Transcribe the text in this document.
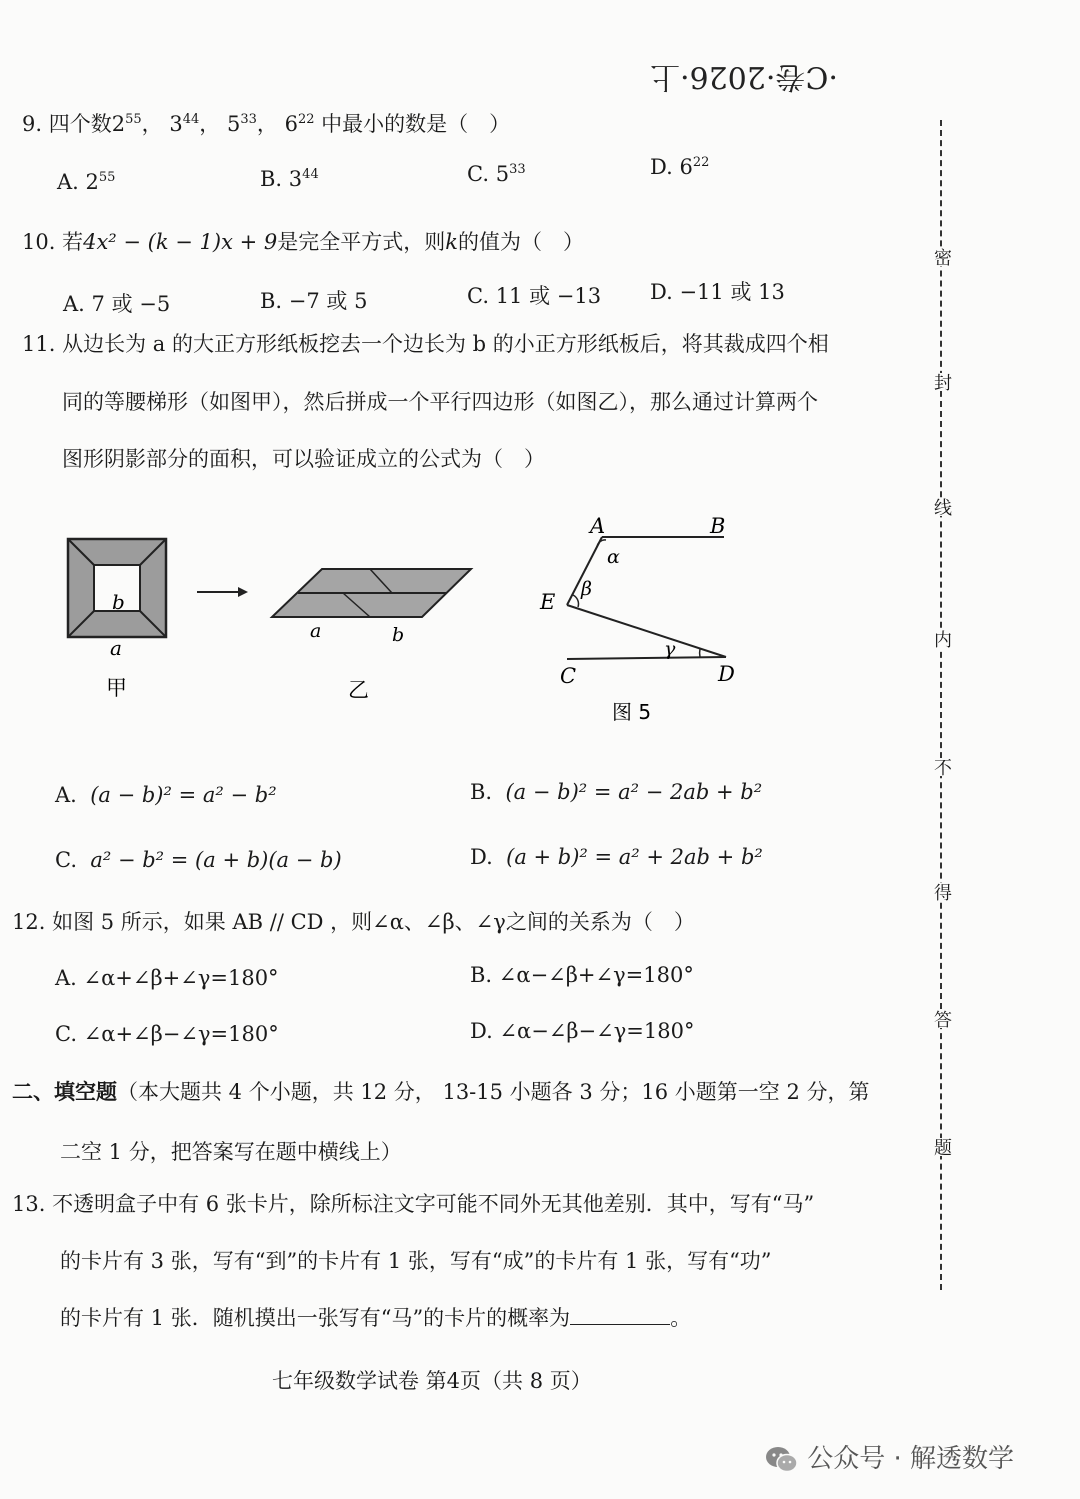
·C卷·2026·上
密
封
线
内
不
得
答
题
9. 四个数$2^{55}$， $3^{44}$， $5^{33}$， $6^{22}$ 中最小的数是（　）
A. $2^{55}$	B. $3^{44}$	C. $5^{33}$	D. $6^{22}$
10. 若4x² − (k − 1)x + 9是完全平方式，则k的值为（　）
A. 7 或 −5	B. −7 或 5	C. 11 或 −13 D. −11 或 13
11. 从边长为 a 的大正方形纸板挖去一个边长为 b 的小正方形纸板后，将其裁成四个相
同的等腰梯形（如图甲），然后拼成一个平行四边形（如图乙），那么通过计算两个
图形阴影部分的面积，可以验证成立的公式为（　）
b
a
甲
a	b
乙
A	B
α
β
E
γ
C	D
图 5
A. (a − b)² = a² − b²	B. (a − b)² = a² − 2ab + b²
C. a² − b² = (a + b)(a − b)	D. (a + b)² = a² + 2ab + b²
12. 如图 5 所示，如果 AB // CD ，则∠α、∠β、∠γ之间的关系为（　）
A. ∠α+∠β+∠γ=180°	B. ∠α−∠β+∠γ=180°
C. ∠α+∠β−∠γ=180°	D. ∠α−∠β−∠γ=180°
二、填空题（本大题共 4 个小题，共 12 分， 13-15 小题各 3 分；16 小题第一空 2 分，第
二空 1 分，把答案写在题中横线上）
13. 不透明盒子中有 6 张卡片，除所标注文字可能不同外无其他差别．其中，写有“马”
的卡片有 3 张，写有“到”的卡片有 1 张，写有“成”的卡片有 1 张，写有“功”
的卡片有 1 张．随机摸出一张写有“马”的卡片的概率为	。
七年级数学试卷 第4页（共 8 页）
公众号 · 解透数学
